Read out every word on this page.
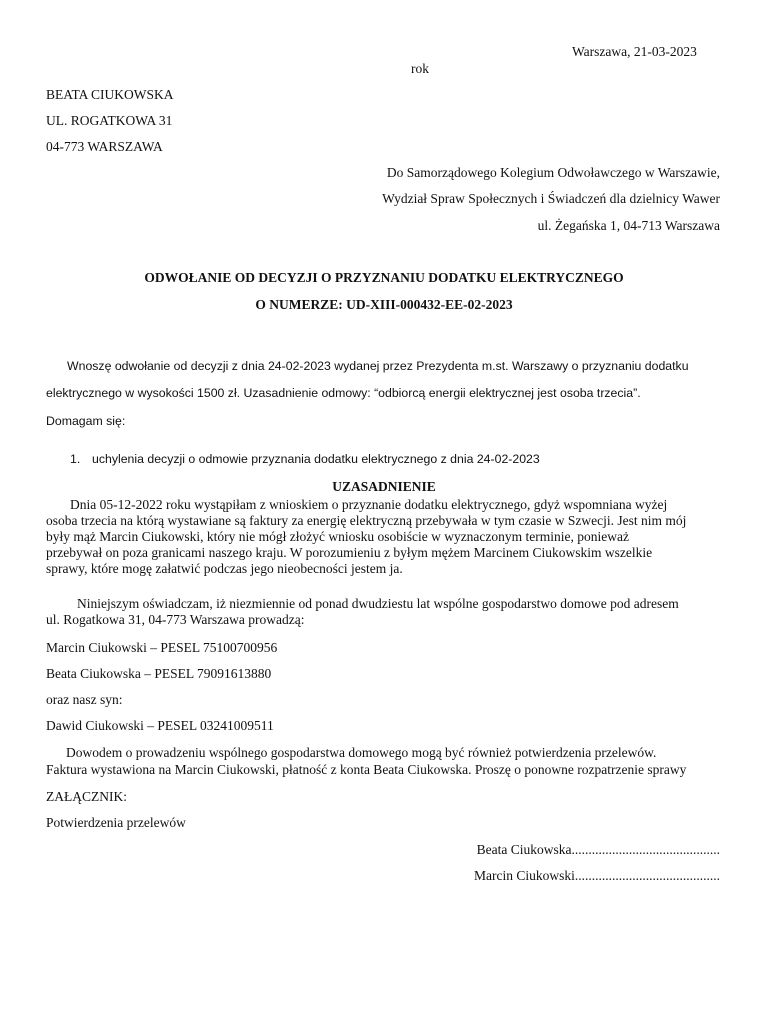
Warszawa, 21-03-2023
rok
BEATA CIUKOWSKA
UL. ROGATKOWA 31
04-773 WARSZAWA
Do Samorządowego Kolegium Odwoławczego w Warszawie,
Wydział Spraw Społecznych i Świadczeń dla dzielnicy Wawer
ul. Żegańska 1, 04-713 Warszawa
ODWOŁANIE OD DECYZJI O PRZYZNANIU DODATKU ELEKTRYCZNEGO
O NUMERZE: UD-XIII-000432-EE-02-2023
Wnoszę odwołanie od decyzji z dnia 24-02-2023 wydanej przez Prezydenta m.st. Warszawy o przyznaniu dodatku
elektrycznego w wysokości 1500 zł. Uzasadnienie odmowy: “odbiorcą energii elektrycznej jest osoba trzecia”.
Domagam się:
1. uchylenia decyzji o odmowie przyznania dodatku elektrycznego z dnia 24-02-2023
UZASADNIENIE
Dnia 05-12-2022 roku wystąpiłam z wnioskiem o przyznanie dodatku elektrycznego, gdyż wspomniana wyżej
osoba trzecia na którą wystawiane są faktury za energię elektryczną przebywała w tym czasie w Szwecji. Jest nim mój
były mąż Marcin Ciukowski, który nie mógł złożyć wniosku osobiście w wyznaczonym terminie, ponieważ
przebywał on poza granicami naszego kraju. W porozumieniu z byłym mężem Marcinem Ciukowskim wszelkie
sprawy, które mogę załatwić podczas jego nieobecności jestem ja.
Niniejszym oświadczam, iż niezmiennie od ponad dwudziestu lat wspólne gospodarstwo domowe pod adresem
ul. Rogatkowa 31, 04-773 Warszawa prowadzą:
Marcin Ciukowski – PESEL 75100700956
Beata Ciukowska – PESEL 79091613880
oraz nasz syn:
Dawid Ciukowski – PESEL 03241009511
Dowodem o prowadzeniu wspólnego gospodarstwa domowego mogą być również potwierdzenia przelewów.
Faktura wystawiona na Marcin Ciukowski, płatność z konta Beata Ciukowska. Proszę o ponowne rozpatrzenie sprawy
ZAŁĄCZNIK:
Potwierdzenia przelewów
Beata Ciukowska............................................
Marcin Ciukowski...........................................
